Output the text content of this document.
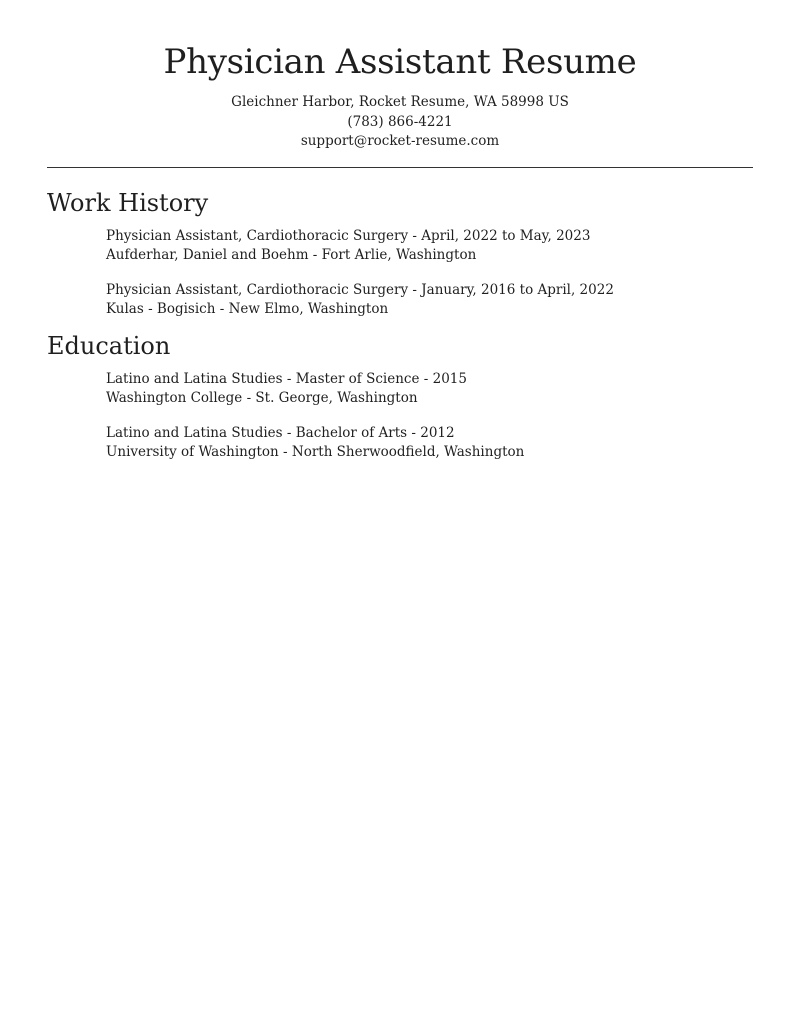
Physician Assistant Resume
Gleichner Harbor, Rocket Resume, WA 58998 US
(783) 866-4221
support@rocket-resume.com
Work History
Physician Assistant, Cardiothoracic Surgery - April, 2022 to May, 2023
Aufderhar, Daniel and Boehm - Fort Arlie, Washington
Physician Assistant, Cardiothoracic Surgery - January, 2016 to April, 2022
Kulas - Bogisich - New Elmo, Washington
Education
Latino and Latina Studies - Master of Science - 2015
Washington College - St. George, Washington
Latino and Latina Studies - Bachelor of Arts - 2012
University of Washington - North Sherwoodfield, Washington
